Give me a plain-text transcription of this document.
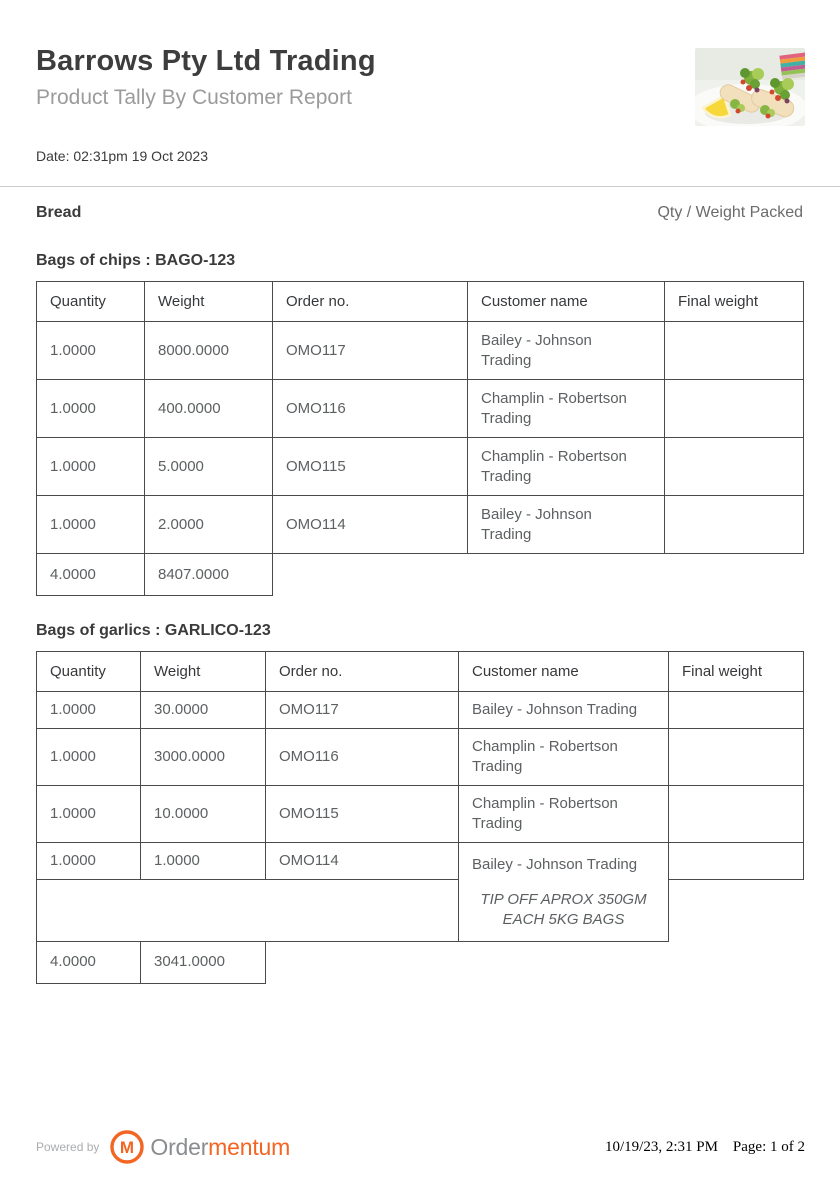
Barrows Pty Ltd Trading
Product Tally By Customer Report
Date: 02:31pm 19 Oct 2023
Bread	Qty / Weight Packed
Bags of chips : BAGO-123
Quantity	Weight	Order no.	Customer name	Final weight
1.0000	8000.0000	OMO117	Bailey - Johnson Trading	
1.0000	400.0000	OMO116	Champlin - Robertson Trading	
1.0000	5.0000	OMO115	Champlin - Robertson Trading	
1.0000	2.0000	OMO114	Bailey - Johnson Trading	
4.0000	8407.0000			
Bags of garlics : GARLICO-123
Quantity	Weight	Order no.	Customer name	Final weight
1.0000	30.0000	OMO117	Bailey - Johnson Trading	
1.0000	3000.0000	OMO116	Champlin - Robertson Trading	
1.0000	10.0000	OMO115	Champlin - Robertson Trading	
1.0000	1.0000	OMO114	Bailey - Johnson Trading
TIP OFF APROX 350GM EACH 5KG BAGS	

4.0000	3041.0000			
Powered by M Ordermentum	10/19/23, 2:31 PM Page: 1 of 2
